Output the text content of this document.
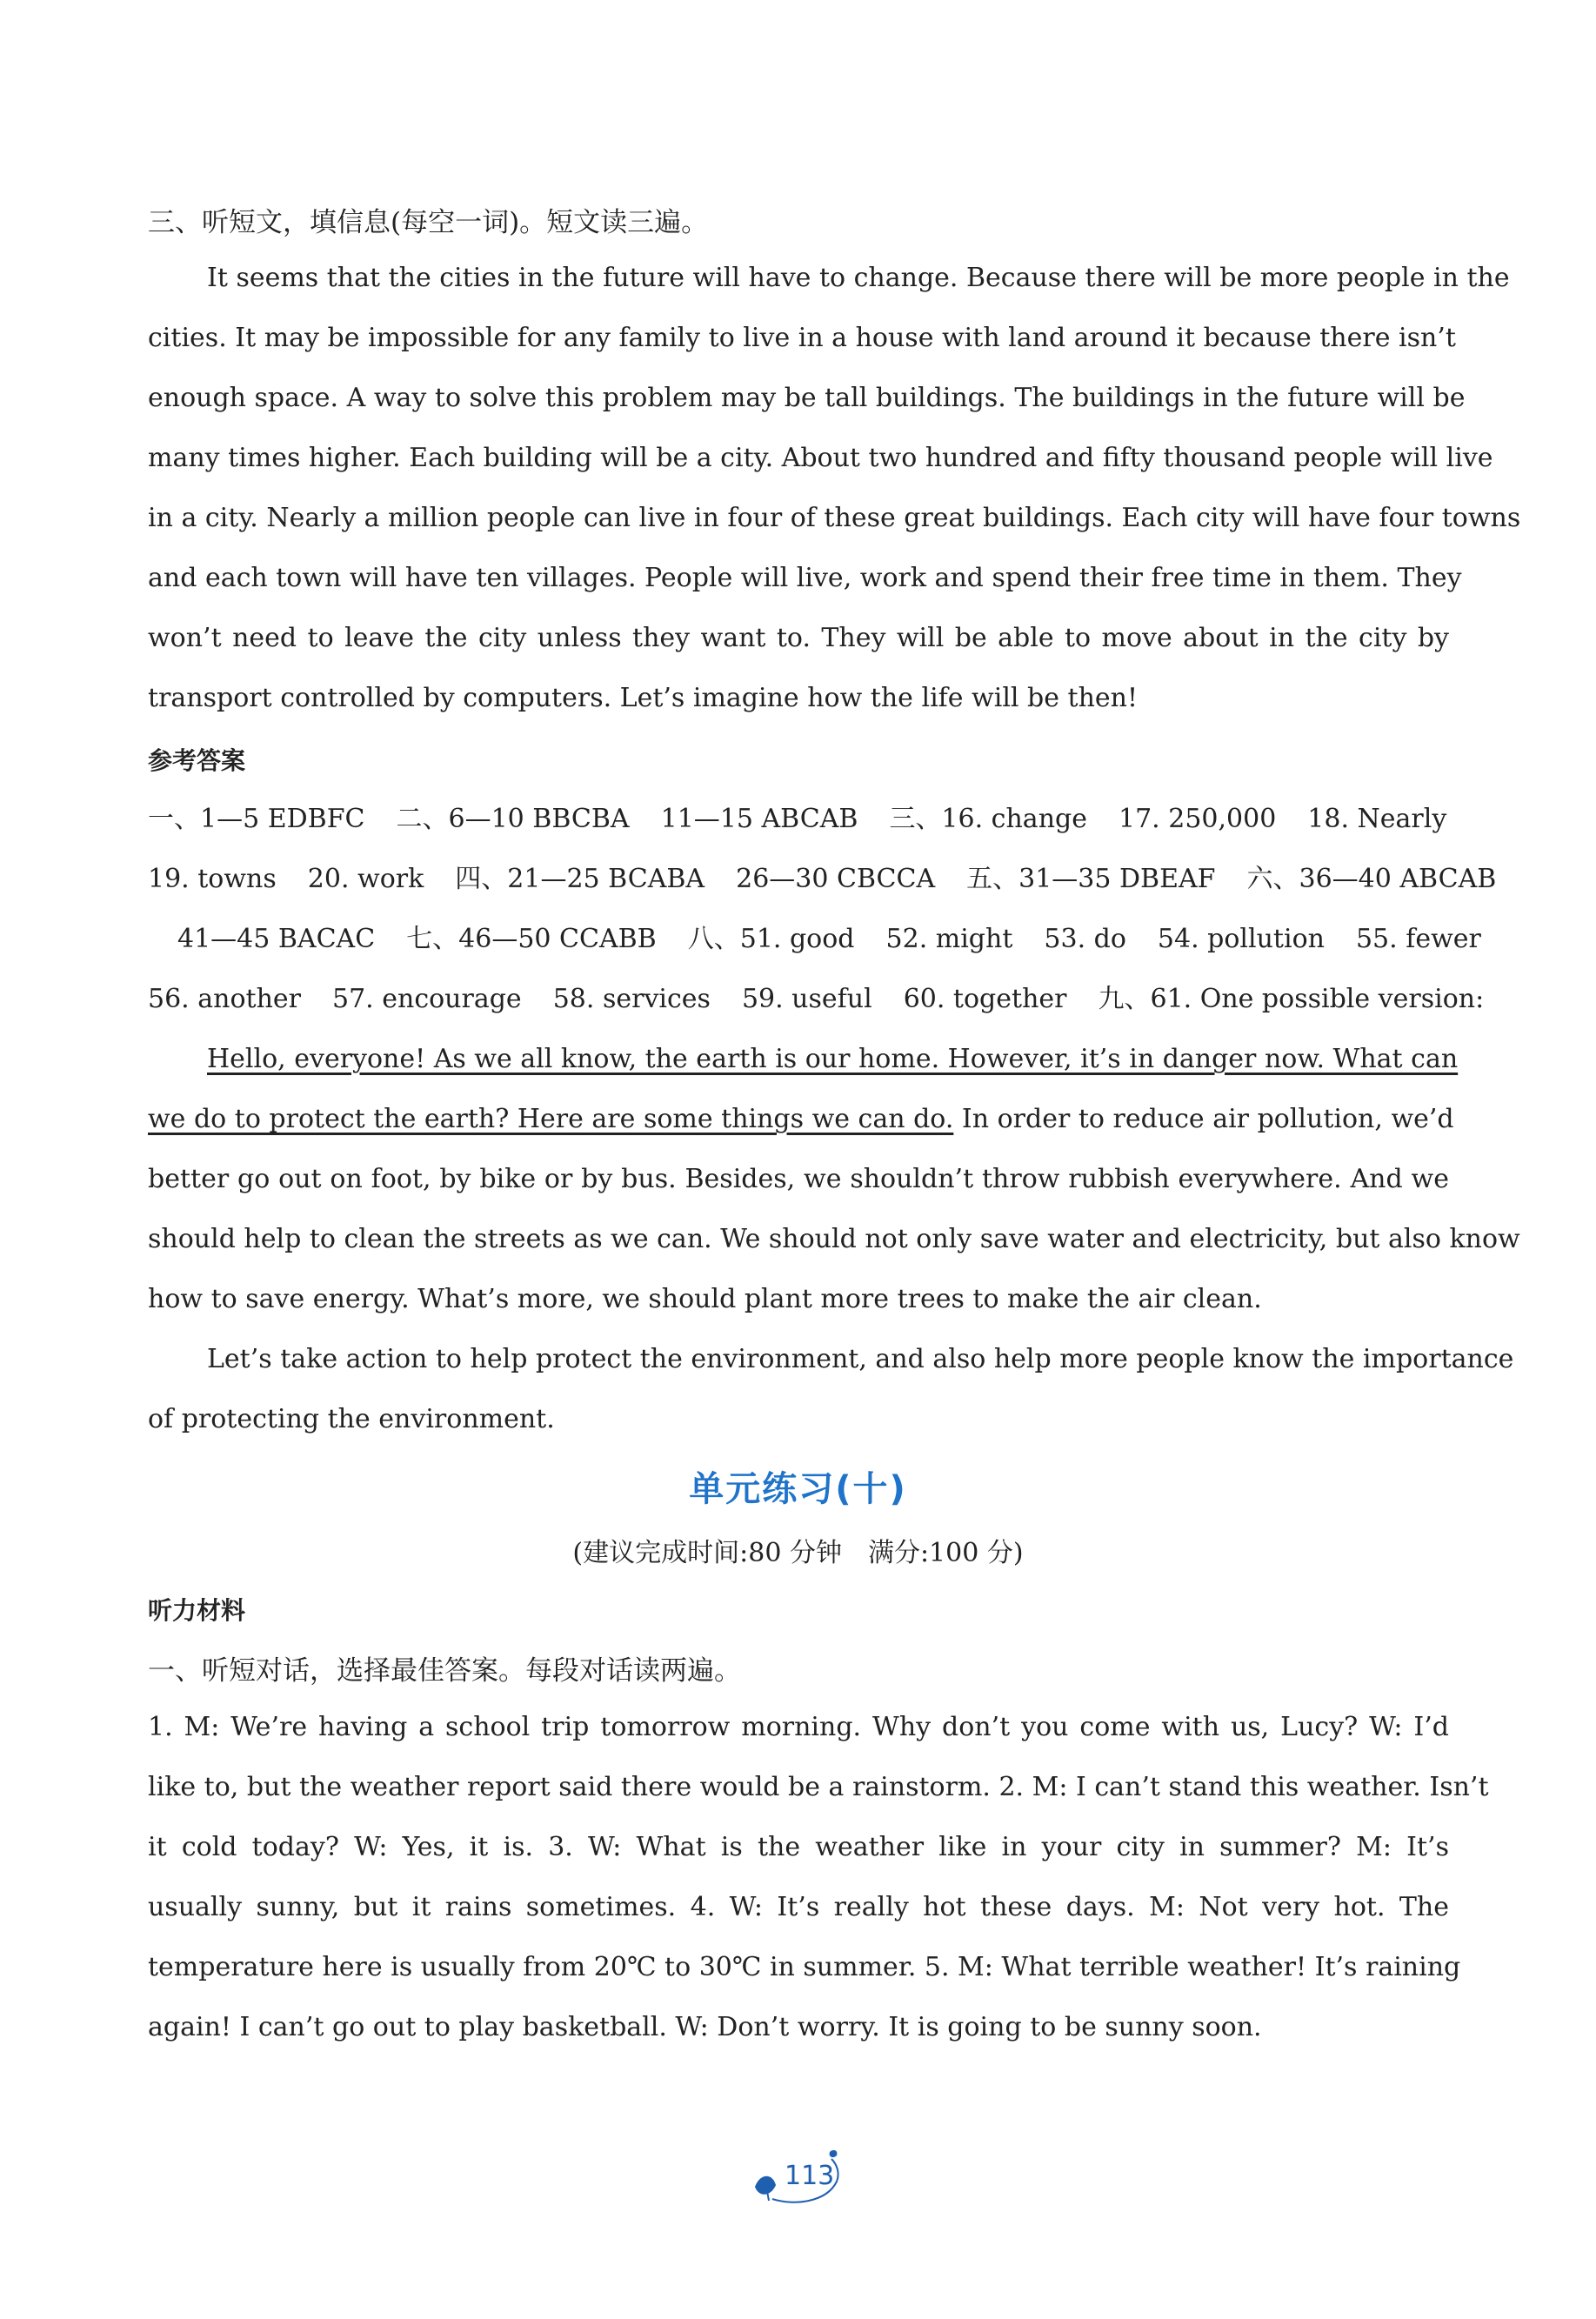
三、听短文，填信息(每空一词)。短文读三遍。
It seems that the cities in the future will have to change. Because there will be more people in the
cities. It may be impossible for any family to live in a house with land around it because there isn’t
enough space. A way to solve this problem may be tall buildings. The buildings in the future will be
many times higher. Each building will be a city. About two hundred and fifty thousand people will live
in a city. Nearly a million people can live in four of these great buildings. Each city will have four towns
and each town will have ten villages. People will live, work and spend their free time in them. They
won’t need to leave the city unless they want to. They will be able to move about in the city by
transport controlled by computers. Let’s imagine how the life will be then!
参考答案
一、1—5 EDBFC 二、6—10 BBCBA 11—15 ABCAB 三、16. change 17. 250,000 18. Nearly
19. towns 20. work 四、21—25 BCABA 26—30 CBCCA 五、31—35 DBEAF 六、36—40 ABCAB
41—45 BACAC 七、46—50 CCABB 八、51. good 52. might 53. do 54. pollution 55. fewer
56. another 57. encourage 58. services 59. useful 60. together 九、61. One possible version:
Hello, everyone! As we all know, the earth is our home. However, it’s in danger now. What can
we do to protect the earth? Here are some things we can do. In order to reduce air pollution, we’d
better go out on foot, by bike or by bus. Besides, we shouldn’t throw rubbish everywhere. And we
should help to clean the streets as we can. We should not only save water and electricity, but also know
how to save energy. What’s more, we should plant more trees to make the air clean.
Let’s take action to help protect the environment, and also help more people know the importance
of protecting the environment.
单元练习(十)
(建议完成时间:80 分钟　满分:100 分)
听力材料
一、听短对话，选择最佳答案。每段对话读两遍。
1. M: We’re having a school trip tomorrow morning. Why don’t you come with us, Lucy? W: I’d
like to, but the weather report said there would be a rainstorm. 2. M: I can’t stand this weather. Isn’t
it cold today? W: Yes, it is. 3. W: What is the weather like in your city in summer? M: It’s
usually sunny, but it rains sometimes. 4. W: It’s really hot these days. M: Not very hot. The
temperature here is usually from 20℃ to 30℃ in summer. 5. M: What terrible weather! It’s raining
again! I can’t go out to play basketball. W: Don’t worry. It is going to be sunny soon.
113
